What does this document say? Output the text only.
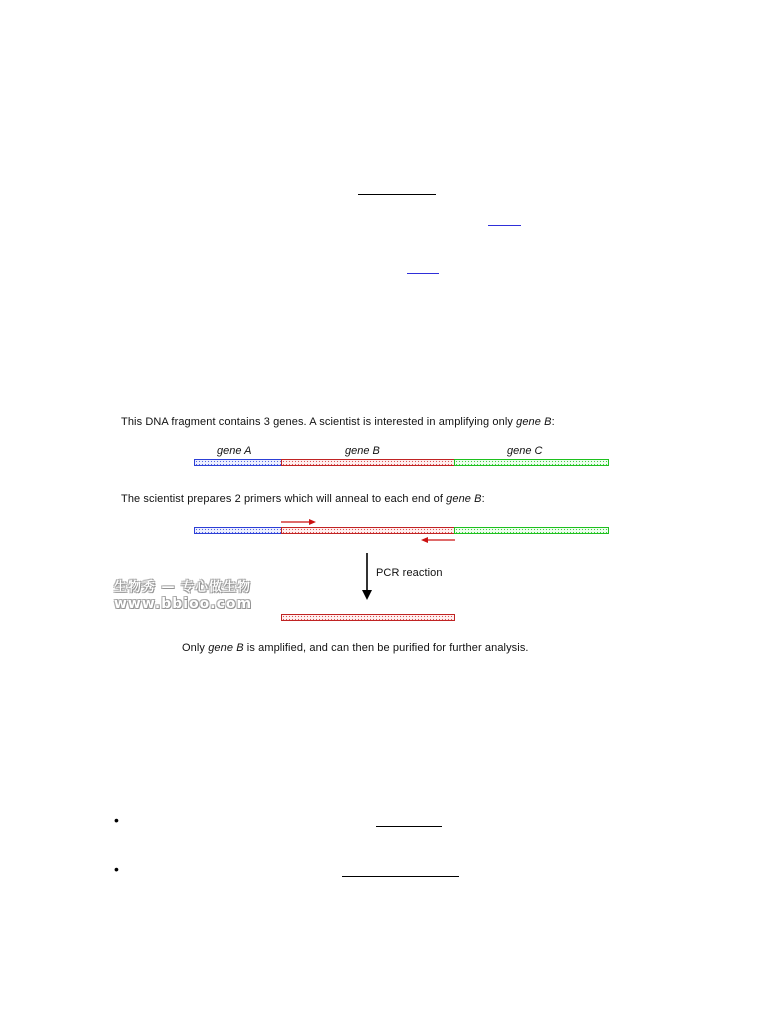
This DNA fragment contains 3 genes. A scientist is interested in amplifying only gene B:
gene A	gene B	gene C
The scientist prepares 2 primers which will anneal to each end of gene B:
PCR reaction
生物秀 — 专心做生物
www.bbioo.com
Only gene B is amplified, and can then be purified for further analysis.
•
•
